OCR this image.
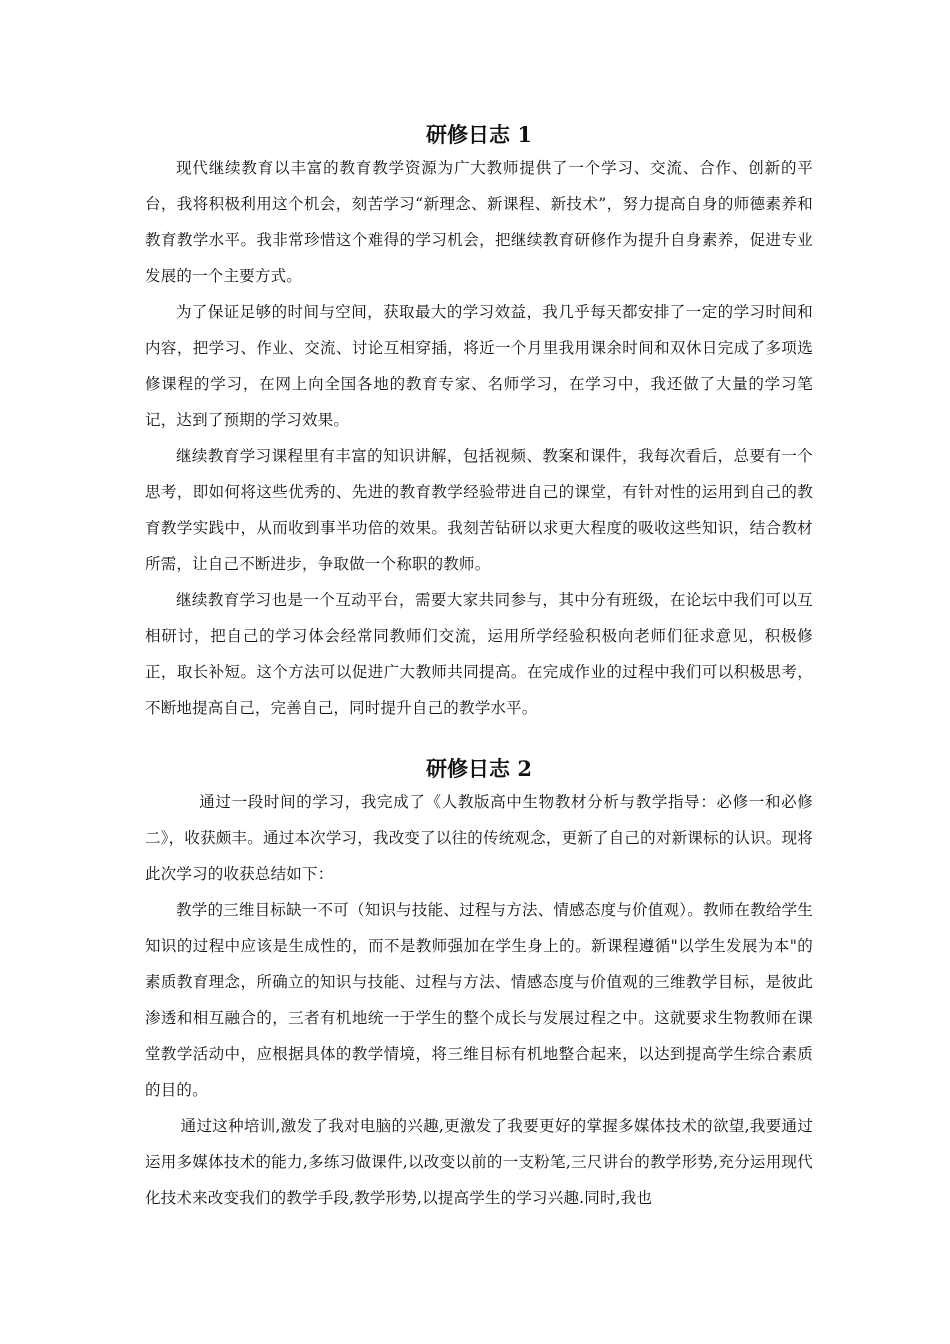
研修日志 1

现代继续教育以丰富的教育教学资源为广大教师提供了一个学习、交流、合作、创新的平台，我将积极利用这个机会，刻苦学习“新理念、新课程、新技术”，努力提高自身的师德素养和教育教学水平。我非常珍惜这个难得的学习机会，把继续教育研修作为提升自身素养，促进专业发展的一个主要方式。

为了保证足够的时间与空间，获取最大的学习效益，我几乎每天都安排了一定的学习时间和内容，把学习、作业、交流、讨论互相穿插，将近一个月里我用课余时间和双休日完成了多项选修课程的学习，在网上向全国各地的教育专家、名师学习，在学习中，我还做了大量的学习笔记，达到了预期的学习效果。

继续教育学习课程里有丰富的知识讲解，包括视频、教案和课件，我每次看后，总要有一个思考，即如何将这些优秀的、先进的教育教学经验带进自己的课堂，有针对性的运用到自己的教育教学实践中，从而收到事半功倍的效果。我刻苦钻研以求更大程度的吸收这些知识，结合教材所需，让自己不断进步，争取做一个称职的教师。

继续教育学习也是一个互动平台，需要大家共同参与，其中分有班级，在论坛中我们可以互相研讨，把自己的学习体会经常同教师们交流，运用所学经验积极向老师们征求意见，积极修正，取长补短。这个方法可以促进广大教师共同提高。在完成作业的过程中我们可以积极思考，不断地提高自己，完善自己，同时提升自己的教学水平。

研修日志 2

通过一段时间的学习，我完成了《人教版高中生物教材分析与教学指导：必修一和必修二》，收获颇丰。通过本次学习，我改变了以往的传统观念，更新了自己的对新课标的认识。现将此次学习的收获总结如下：

教学的三维目标缺一不可（知识与技能、过程与方法、情感态度与价值观）。教师在教给学生知识的过程中应该是生成性的，而不是教师强加在学生身上的。新课程遵循"以学生发展为本"的素质教育理念，所确立的知识与技能、过程与方法、情感态度与价值观的三维教学目标，是彼此渗透和相互融合的，三者有机地统一于学生的整个成长与发展过程之中。这就要求生物教师在课堂教学活动中，应根据具体的教学情境，将三维目标有机地整合起来，以达到提高学生综合素质的目的。

通过这种培训,激发了我对电脑的兴趣,更激发了我要更好的掌握多媒体技术的欲望,我要通过运用多媒体技术的能力,多练习做课件,以改变以前的一支粉笔,三尺讲台的教学形势,充分运用现代化技术来改变我们的教学手段,教学形势,以提高学生的学习兴趣.同时,我也
